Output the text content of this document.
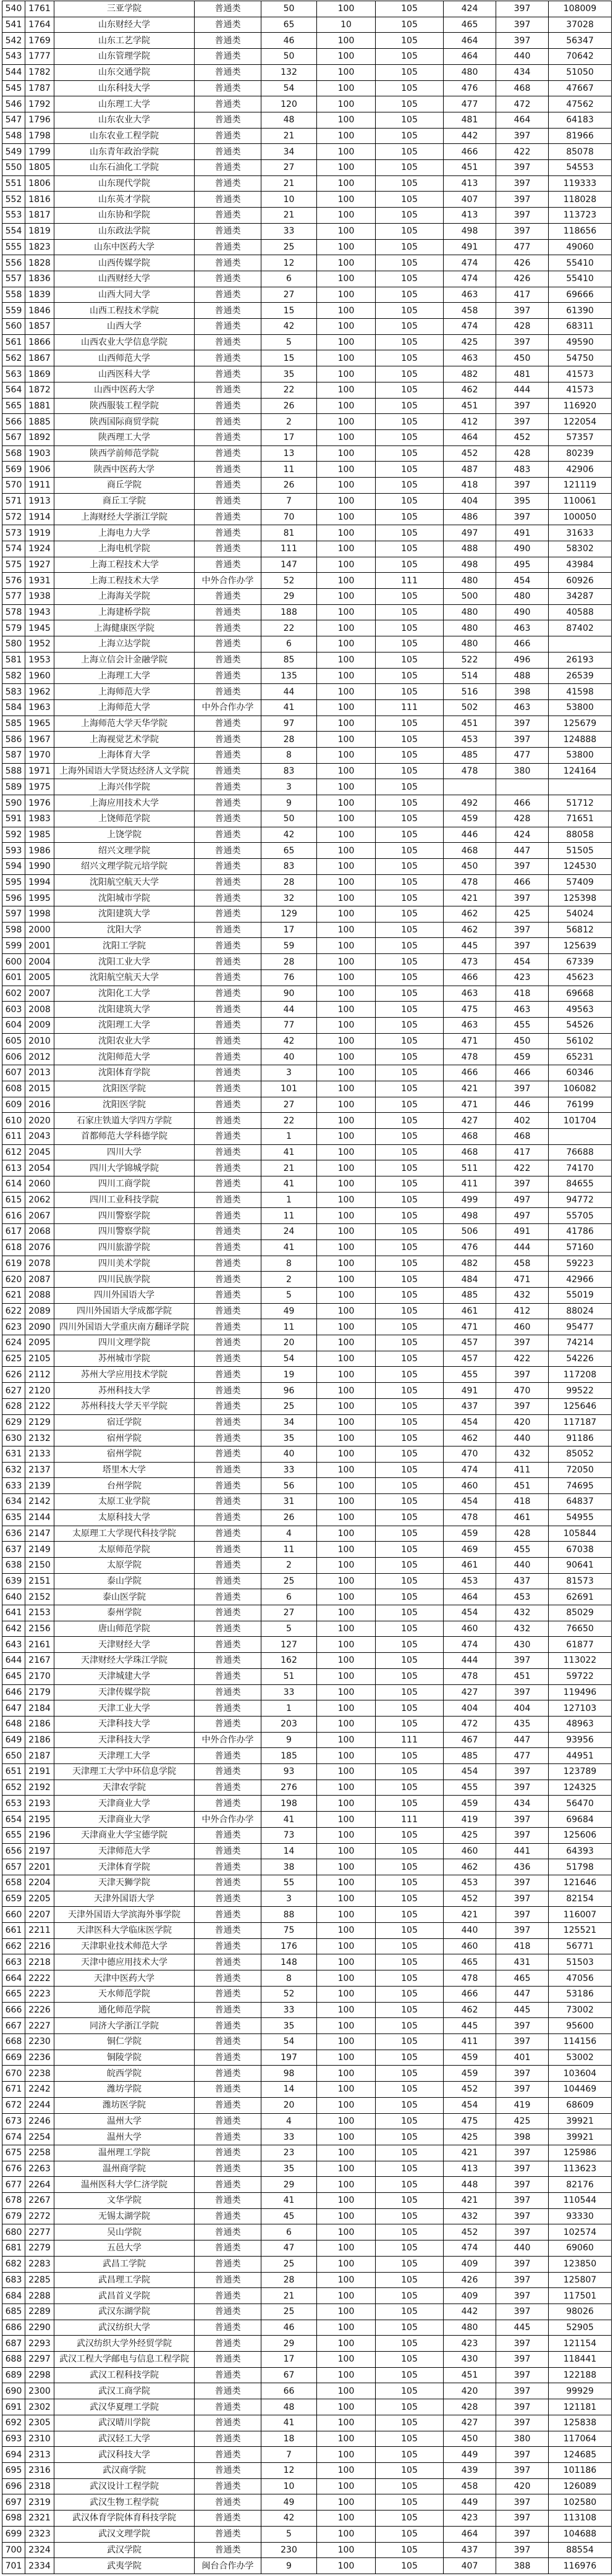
540	1761	三亚学院	普通类	50	100	105	424	397	108009
541	1764	山东财经大学	普通类	65	10	105	465	397	37028
542	1769	山东工艺学院	普通类	46	100	105	464	397	56347
543	1777	山东管理学院	普通类	50	100	105	464	440	70642
544	1782	山东交通学院	普通类	132	100	105	480	434	51050
545	1787	山东科技大学	普通类	54	100	105	476	468	47667
546	1792	山东理工大学	普通类	120	100	105	477	472	47562
547	1796	山东农业大学	普通类	48	100	105	481	464	64183
548	1798	山东农业工程学院	普通类	21	100	105	442	397	81966
549	1799	山东青年政治学院	普通类	34	100	105	466	422	85078
550	1805	山东石油化工学院	普通类	27	100	105	451	397	54553
551	1806	山东现代学院	普通类	21	100	105	413	397	119333
552	1816	山东英才学院	普通类	10	100	105	407	397	118028
553	1817	山东协和学院	普通类	21	100	105	413	397	113723
554	1819	山东政法学院	普通类	33	100	105	498	397	118656
555	1823	山东中医药大学	普通类	25	100	105	491	477	49060
556	1828	山西传媒学院	普通类	12	100	105	474	426	55410
557	1836	山西财经大学	普通类	6	100	105	474	426	55410
558	1839	山西大同大学	普通类	27	100	105	463	417	69666
559	1846	山西工程技术学院	普通类	15	100	105	458	397	61390
560	1857	山西大学	普通类	42	100	105	474	428	68311
561	1866	山西农业大学信息学院	普通类	5	100	105	425	397	49590
562	1867	山西师范大学	普通类	15	100	105	463	450	54750
563	1869	山西医科大学	普通类	35	100	105	482	481	41573
564	1872	山西中医药大学	普通类	22	100	105	462	444	41573
565	1881	陕西服装工程学院	普通类	26	100	105	451	397	116920
566	1885	陕西国际商贸学院	普通类	2	100	105	412	397	122054
567	1892	陕西理工大学	普通类	17	100	105	464	452	57357
568	1903	陕西学前师范学院	普通类	13	100	105	452	428	80239
569	1906	陕西中医药大学	普通类	11	100	105	487	483	42906
570	1911	商丘学院	普通类	26	100	105	418	397	121119
571	1913	商丘工学院	普通类	7	100	105	404	395	110061
572	1914	上海财经大学浙江学院	普通类	70	100	105	486	397	100050
573	1919	上海电力大学	普通类	81	100	105	497	491	31633
574	1924	上海电机学院	普通类	111	100	105	488	490	58302
575	1927	上海工程技术大学	普通类	147	100	105	498	495	43984
576	1931	上海工程技术大学	中外合作办学	52	100	111	480	454	60926
577	1938	上海海关学院	普通类	29	100	105	500	480	34287
578	1943	上海建桥学院	普通类	188	100	105	480	490	40588
579	1945	上海健康医学院	普通类	22	100	105	480	463	87402
580	1952	上海立达学院	普通类	6	100	105	480	466	
581	1953	上海立信会计金融学院	普通类	85	100	105	522	496	26193
582	1960	上海理工大学	普通类	135	100	105	514	488	26539
583	1962	上海师范大学	普通类	44	100	105	516	398	41598
584	1963	上海师范大学	中外合作办学	41	100	111	502	463	53800
585	1965	上海师范大学天华学院	普通类	97	100	105	451	397	125679
586	1967	上海视觉艺术学院	普通类	28	100	105	453	397	124888
587	1970	上海体育大学	普通类	8	100	105	485	477	53800
588	1971	上海外国语大学贤达经济人文学院	普通类	83	100	105	478	380	124164
589	1975	上海兴伟学院	普通类	3	100	105			
590	1976	上海应用技术大学	普通类	9	100	105	492	466	51712
591	1983	上饶师范学院	普通类	50	100	105	459	428	71651
592	1985	上饶学院	普通类	42	100	105	446	424	88058
593	1986	绍兴文理学院	普通类	65	100	105	468	447	51505
594	1990	绍兴文理学院元培学院	普通类	83	100	105	450	397	124530
595	1994	沈阳航空航天大学	普通类	28	100	105	478	466	57409
596	1995	沈阳城市学院	普通类	32	100	105	421	397	125398
597	1998	沈阳建筑大学	普通类	129	100	105	462	425	54024
598	2000	沈阳大学	普通类	17	100	105	462	397	56812
599	2001	沈阳工学院	普通类	59	100	105	445	397	125639
600	2004	沈阳工业大学	普通类	28	100	105	473	454	67339
601	2005	沈阳航空航天大学	普通类	76	100	105	466	423	45623
602	2007	沈阳化工大学	普通类	90	100	105	463	418	69668
603	2008	沈阳建筑大学	普通类	44	100	105	475	463	49563
604	2009	沈阳理工大学	普通类	77	100	105	463	455	54526
605	2010	沈阳农业大学	普通类	42	100	105	471	450	56102
606	2012	沈阳师范大学	普通类	40	100	105	478	459	65231
607	2013	沈阳体育学院	普通类	3	100	105	466	466	60346
608	2015	沈阳医学院	普通类	101	100	105	421	397	106082
609	2016	沈阳医学院	普通类	27	100	105	471	446	76199
610	2020	石家庄铁道大学四方学院	普通类	22	100	105	427	402	101704
611	2043	首都师范大学科德学院	普通类	1	100	105	468	468	
612	2045	四川大学	普通类	41	100	105	468	417	76688
613	2054	四川大学锦城学院	普通类	21	100	105	511	422	74170
614	2060	四川工商学院	普通类	41	100	105	411	397	84655
615	2062	四川工业科技学院	普通类	1	100	105	499	497	94772
616	2067	四川警察学院	普通类	11	100	105	498	497	55705
617	2068	四川警察学院	普通类	24	100	105	506	491	41786
618	2076	四川旅游学院	普通类	41	100	105	476	444	57160
619	2078	四川美术学院	普通类	8	100	105	482	458	59223
620	2087	四川民族学院	普通类	2	100	105	484	471	42966
621	2088	四川外国语大学	普通类	5	100	105	485	432	55019
622	2089	四川外国语大学成都学院	普通类	49	100	105	461	412	88024
623	2090	四川外国语大学重庆南方翻译学院	普通类	11	100	105	471	460	95477
624	2095	四川文理学院	普通类	20	100	105	457	397	74214
625	2105	苏州城市学院	普通类	54	100	105	457	422	54226
626	2112	苏州大学应用技术学院	普通类	19	100	105	455	397	117208
627	2120	苏州科技大学	普通类	96	100	105	491	470	99522
628	2122	苏州科技大学天平学院	普通类	25	100	105	437	397	125646
629	2129	宿迁学院	普通类	34	100	105	454	420	117187
630	2132	宿州学院	普通类	35	100	105	462	440	91186
631	2133	宿州学院	普通类	40	100	105	470	432	85052
632	2137	塔里木大学	普通类	33	100	105	474	411	72050
633	2139	台州学院	普通类	56	100	105	460	451	74695
634	2142	太原工业学院	普通类	31	100	105	454	418	64837
635	2144	太原科技大学	普通类	26	100	105	478	461	54955
636	2147	太原理工大学现代科技学院	普通类	4	100	105	459	428	105844
637	2149	太原师范学院	普通类	11	100	105	469	455	67038
638	2150	太原学院	普通类	2	100	105	461	440	90641
639	2151	泰山学院	普通类	25	100	105	453	437	81573
640	2152	泰山医学院	普通类	6	100	105	464	453	62691
641	2153	泰州学院	普通类	27	100	105	454	432	85029
642	2156	唐山师范学院	普通类	5	100	105	460	432	76650
643	2161	天津财经大学	普通类	127	100	105	474	430	61877
644	2167	天津财经大学珠江学院	普通类	162	100	105	444	397	113022
645	2170	天津城建大学	普通类	51	100	105	478	451	59722
646	2179	天津传媒学院	普通类	33	100	105	427	397	119496
647	2184	天津工业大学	普通类	1	100	105	404	404	127103
648	2186	天津科技大学	普通类	203	100	105	472	435	48963
649	2186	天津科技大学	中外合作办学	9	100	111	467	447	93956
650	2187	天津理工大学	普通类	185	100	105	485	477	44951
651	2191	天津理工大学中环信息学院	普通类	93	100	105	454	397	123789
652	2192	天津农学院	普通类	276	100	105	455	397	124325
653	2193	天津商业大学	普通类	198	100	105	459	434	56470
654	2195	天津商业大学	中外合作办学	41	100	111	419	397	69684
655	2196	天津商业大学宝德学院	普通类	73	100	105	425	397	125606
656	2197	天津师范大学	普通类	14	100	105	460	441	64393
657	2201	天津体育学院	普通类	38	100	105	462	436	51798
658	2204	天津天狮学院	普通类	55	100	105	453	397	121646
659	2205	天津外国语大学	普通类	3	100	105	452	397	82154
660	2207	天津外国语大学滨海外事学院	普通类	88	100	105	421	397	116007
661	2211	天津医科大学临床医学院	普通类	75	100	105	440	397	125521
662	2216	天津职业技术师范大学	普通类	176	100	105	460	418	56771
663	2218	天津中德应用技术大学	普通类	148	100	105	465	431	51503
664	2222	天津中医药大学	普通类	8	100	105	478	465	47056
665	2223	天水师范学院	普通类	52	100	105	466	447	53186
666	2226	通化师范学院	普通类	33	100	105	462	445	73002
667	2227	同济大学浙江学院	普通类	35	100	105	445	397	95600
668	2230	铜仁学院	普通类	54	100	105	411	397	114156
669	2236	铜陵学院	普通类	197	100	105	459	401	53002
670	2238	皖西学院	普通类	98	100	105	459	397	103604
671	2242	潍坊学院	普通类	14	100	105	452	397	104469
672	2244	潍坊医学院	普通类	20	100	105	454	419	68609
673	2246	温州大学	普通类	4	100	105	475	425	39921
674	2254	温州大学	普通类	33	100	105	425	398	39921
675	2258	温州理工学院	普通类	23	100	105	421	397	125986
676	2263	温州商学院	普通类	35	100	105	413	397	113623
677	2264	温州医科大学仁济学院	普通类	29	100	105	448	397	82176
678	2267	文华学院	普通类	41	100	105	421	397	110544
679	2272	无锡太湖学院	普通类	45	100	105	432	397	93330
680	2277	吴山学院	普通类	6	100	105	452	397	102574
681	2279	五邑大学	普通类	47	100	105	474	440	69060
682	2283	武昌工学院	普通类	25	100	105	409	397	123850
683	2285	武昌理工学院	普通类	28	100	105	426	397	125807
684	2288	武昌首义学院	普通类	21	100	105	409	397	117501
685	2289	武汉东湖学院	普通类	25	100	105	442	397	98026
686	2290	武汉纺织大学	普通类	46	100	105	480	445	52905
687	2293	武汉纺织大学外经贸学院	普通类	29	100	105	423	397	121154
688	2297	武汉工程大学邮电与信息工程学院	普通类	17	100	105	430	397	118441
689	2298	武汉工程科技学院	普通类	67	100	105	451	397	122188
690	2300	武汉工商学院	普通类	66	100	105	420	397	99929
691	2302	武汉华夏理工学院	普通类	48	100	105	428	397	121181
692	2305	武汉晴川学院	普通类	41	100	105	427	397	125838
693	2310	武汉轻工大学	普通类	18	100	105	450	380	117064
694	2313	武汉科技大学	普通类	7	100	105	449	397	124685
695	2316	武汉商学院	普通类	12	100	105	439	397	101186
696	2318	武汉设计工程学院	普通类	10	100	105	458	420	126089
697	2319	武汉生物工程学院	普通类	49	100	105	449	397	102580
698	2321	武汉体育学院体育科技学院	普通类	42	100	105	423	397	113108
699	2323	武汉文理学院	普通类	5	100	105	464	397	104688
700	2324	武汉学院	普通类	230	100	105	437	397	88554
701	2334	武夷学院	闽台合作办学	9	100	105	407	388	116976
